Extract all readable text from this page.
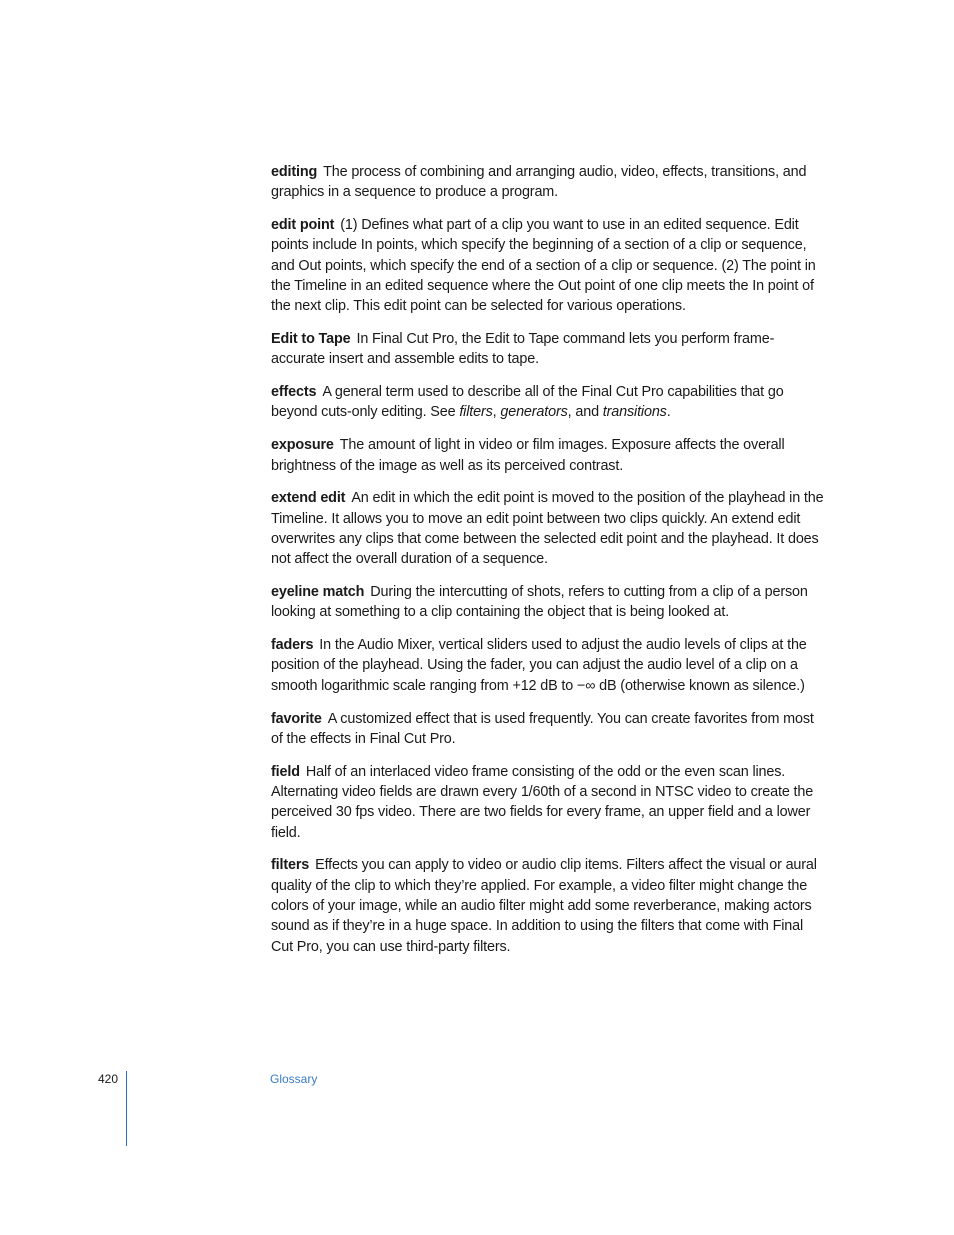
editing The process of combining and arranging audio, video, effects, transitions, and graphics in a sequence to produce a program.

edit point (1) Defines what part of a clip you want to use in an edited sequence. Edit points include In points, which specify the beginning of a section of a clip or sequence, and Out points, which specify the end of a section of a clip or sequence. (2) The point in the Timeline in an edited sequence where the Out point of one clip meets the In point of the next clip. This edit point can be selected for various operations.

Edit to Tape In Final Cut Pro, the Edit to Tape command lets you perform frame-accurate insert and assemble edits to tape.

effects A general term used to describe all of the Final Cut Pro capabilities that go beyond cuts-only editing. See filters, generators, and transitions.

exposure The amount of light in video or film images. Exposure affects the overall brightness of the image as well as its perceived contrast.

extend edit An edit in which the edit point is moved to the position of the playhead in the Timeline. It allows you to move an edit point between two clips quickly. An extend edit overwrites any clips that come between the selected edit point and the playhead. It does not affect the overall duration of a sequence.

eyeline match During the intercutting of shots, refers to cutting from a clip of a person looking at something to a clip containing the object that is being looked at.

faders In the Audio Mixer, vertical sliders used to adjust the audio levels of clips at the position of the playhead. Using the fader, you can adjust the audio level of a clip on a smooth logarithmic scale ranging from +12 dB to −∞ dB (otherwise known as silence.)

favorite A customized effect that is used frequently. You can create favorites from most of the effects in Final Cut Pro.

field Half of an interlaced video frame consisting of the odd or the even scan lines. Alternating video fields are drawn every 1/60th of a second in NTSC video to create the perceived 30 fps video. There are two fields for every frame, an upper field and a lower field.

filters Effects you can apply to video or audio clip items. Filters affect the visual or aural quality of the clip to which they’re applied. For example, a video filter might change the colors of your image, while an audio filter might add some reverberance, making actors sound as if they’re in a huge space. In addition to using the filters that come with Final Cut Pro, you can use third-party filters.

420	Glossary
